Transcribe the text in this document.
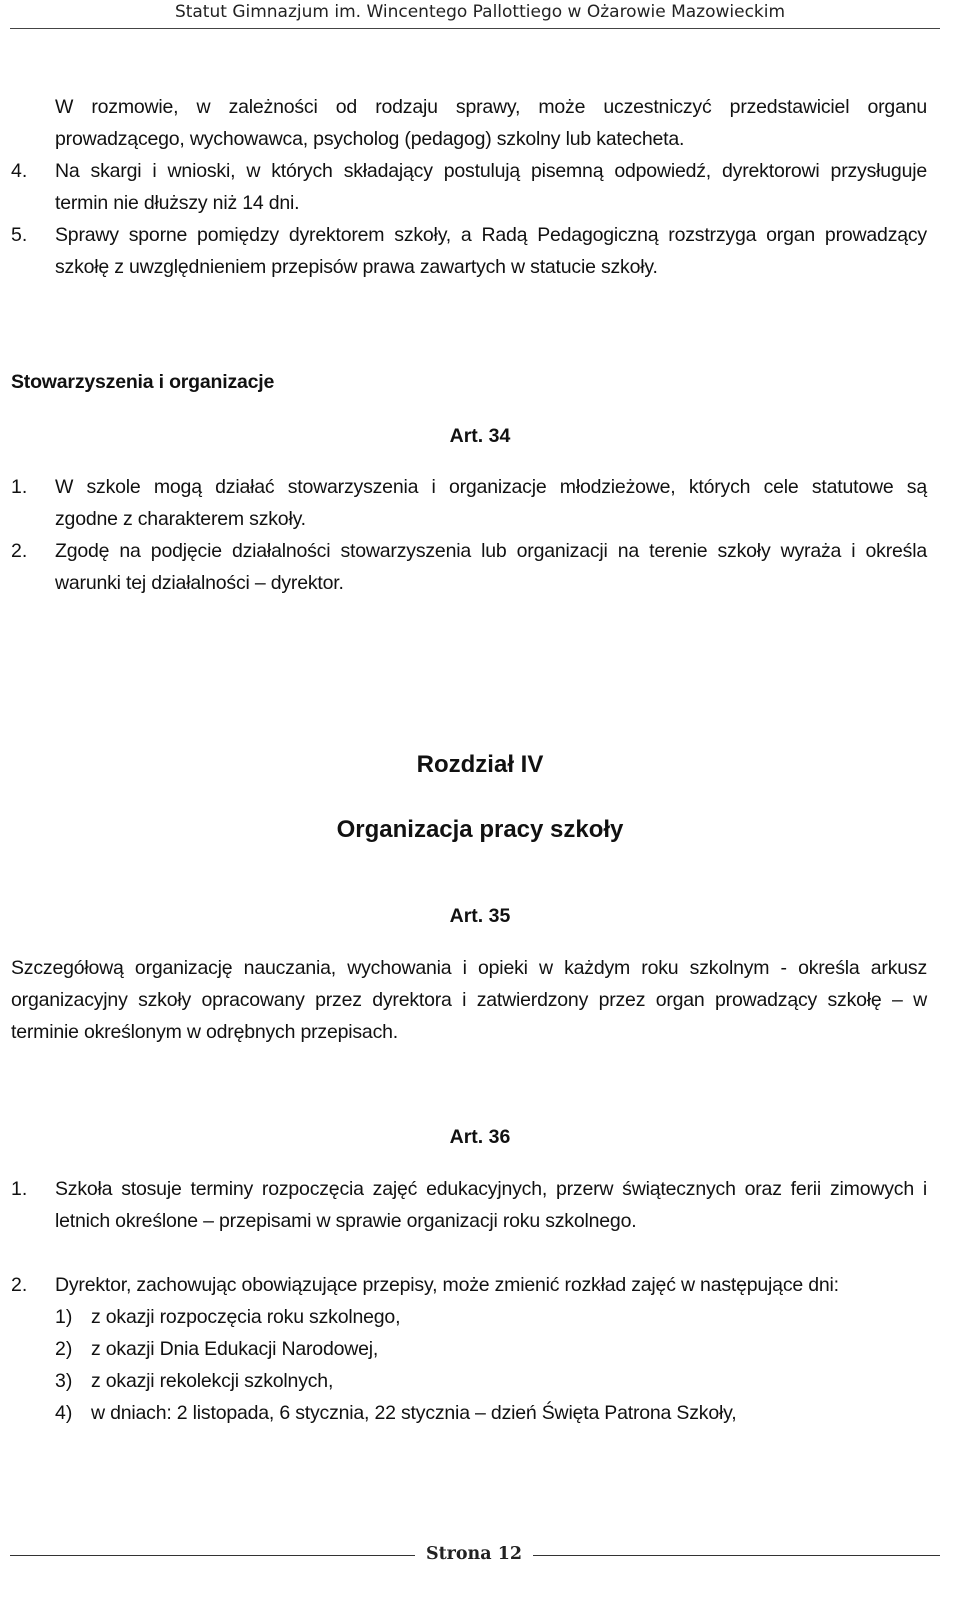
Statut Gimnazjum im. Wincentego Pallottiego w Ożarowie Mazowieckim
W rozmowie, w zależności od rodzaju sprawy, może uczestniczyć przedstawiciel organu
prowadzącego, wychowawca, psycholog (pedagog) szkolny lub katecheta.
4. Na skargi i wnioski, w których składający postulują pisemną odpowiedź, dyrektorowi przysługuje
termin nie dłuższy niż 14 dni.
5. Sprawy sporne pomiędzy dyrektorem szkoły, a Radą Pedagogiczną rozstrzyga organ prowadzący
szkołę z uwzględnieniem przepisów prawa zawartych w statucie szkoły.
Stowarzyszenia i organizacje
Art. 34
1. W szkole mogą działać stowarzyszenia i organizacje młodzieżowe, których cele statutowe są
zgodne z charakterem szkoły.
2. Zgodę na podjęcie działalności stowarzyszenia lub organizacji na terenie szkoły wyraża i określa
warunki tej działalności – dyrektor.
Rozdział IV
Organizacja pracy szkoły
Art. 35
Szczegółową organizację nauczania, wychowania i opieki w każdym roku szkolnym - określa arkusz
organizacyjny szkoły opracowany przez dyrektora i zatwierdzony przez organ prowadzący szkołę – w
terminie określonym w odrębnych przepisach.
Art. 36
1. Szkoła stosuje terminy rozpoczęcia zajęć edukacyjnych, przerw świątecznych oraz ferii zimowych i
letnich określone – przepisami w sprawie organizacji roku szkolnego.
2. Dyrektor, zachowując obowiązujące przepisy, może zmienić rozkład zajęć w następujące dni:
1) z okazji rozpoczęcia roku szkolnego,
2) z okazji Dnia Edukacji Narodowej,
3) z okazji rekolekcji szkolnych,
4) w dniach: 2 listopada, 6 stycznia, 22 stycznia – dzień Święta Patrona Szkoły,
Strona 12
